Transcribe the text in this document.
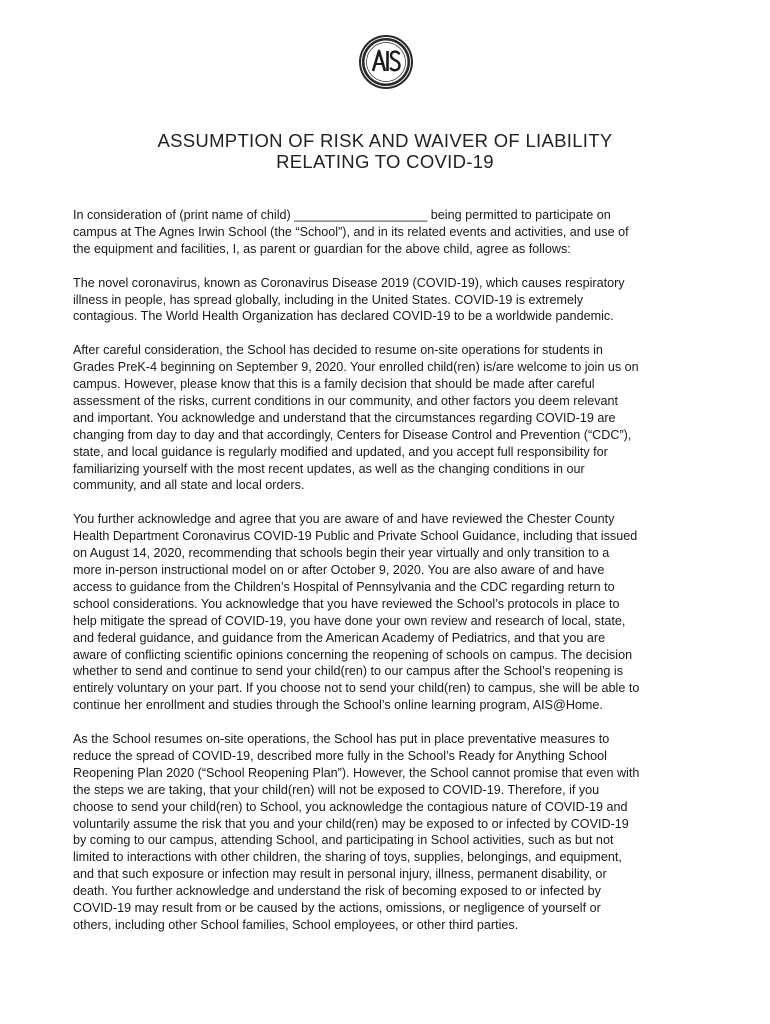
ASSUMPTION OF RISK AND WAIVER OF LIABILITY
RELATING TO COVID-19

In consideration of (print name of child) ___________________ being permitted to participate on
campus at The Agnes Irwin School (the “School”), and in its related events and activities, and use of
the equipment and facilities, I, as parent or guardian for the above child, agree as follows:

The novel coronavirus, known as Coronavirus Disease 2019 (COVID-19), which causes respiratory
illness in people, has spread globally, including in the United States. COVID-19 is extremely
contagious. The World Health Organization has declared COVID-19 to be a worldwide pandemic.

After careful consideration, the School has decided to resume on-site operations for students in
Grades PreK-4 beginning on September 9, 2020. Your enrolled child(ren) is/are welcome to join us on
campus. However, please know that this is a family decision that should be made after careful
assessment of the risks, current conditions in our community, and other factors you deem relevant
and important. You acknowledge and understand that the circumstances regarding COVID-19 are
changing from day to day and that accordingly, Centers for Disease Control and Prevention (“CDC”),
state, and local guidance is regularly modified and updated, and you accept full responsibility for
familiarizing yourself with the most recent updates, as well as the changing conditions in our
community, and all state and local orders.

You further acknowledge and agree that you are aware of and have reviewed the Chester County
Health Department Coronavirus COVID-19 Public and Private School Guidance, including that issued
on August 14, 2020, recommending that schools begin their year virtually and only transition to a
more in-person instructional model on or after October 9, 2020. You are also aware of and have
access to guidance from the Children’s Hospital of Pennsylvania and the CDC regarding return to
school considerations. You acknowledge that you have reviewed the School’s protocols in place to
help mitigate the spread of COVID-19, you have done your own review and research of local, state,
and federal guidance, and guidance from the American Academy of Pediatrics, and that you are
aware of conflicting scientific opinions concerning the reopening of schools on campus. The decision
whether to send and continue to send your child(ren) to our campus after the School’s reopening is
entirely voluntary on your part. If you choose not to send your child(ren) to campus, she will be able to
continue her enrollment and studies through the School’s online learning program, AIS@Home.

As the School resumes on-site operations, the School has put in place preventative measures to
reduce the spread of COVID-19, described more fully in the School’s Ready for Anything School
Reopening Plan 2020 (“School Reopening Plan”). However, the School cannot promise that even with
the steps we are taking, that your child(ren) will not be exposed to COVID-19. Therefore, if you
choose to send your child(ren) to School, you acknowledge the contagious nature of COVID-19 and
voluntarily assume the risk that you and your child(ren) may be exposed to or infected by COVID-19
by coming to our campus, attending School, and participating in School activities, such as but not
limited to interactions with other children, the sharing of toys, supplies, belongings, and equipment,
and that such exposure or infection may result in personal injury, illness, permanent disability, or
death. You further acknowledge and understand the risk of becoming exposed to or infected by
COVID-19 may result from or be caused by the actions, omissions, or negligence of yourself or
others, including other School families, School employees, or other third parties.
